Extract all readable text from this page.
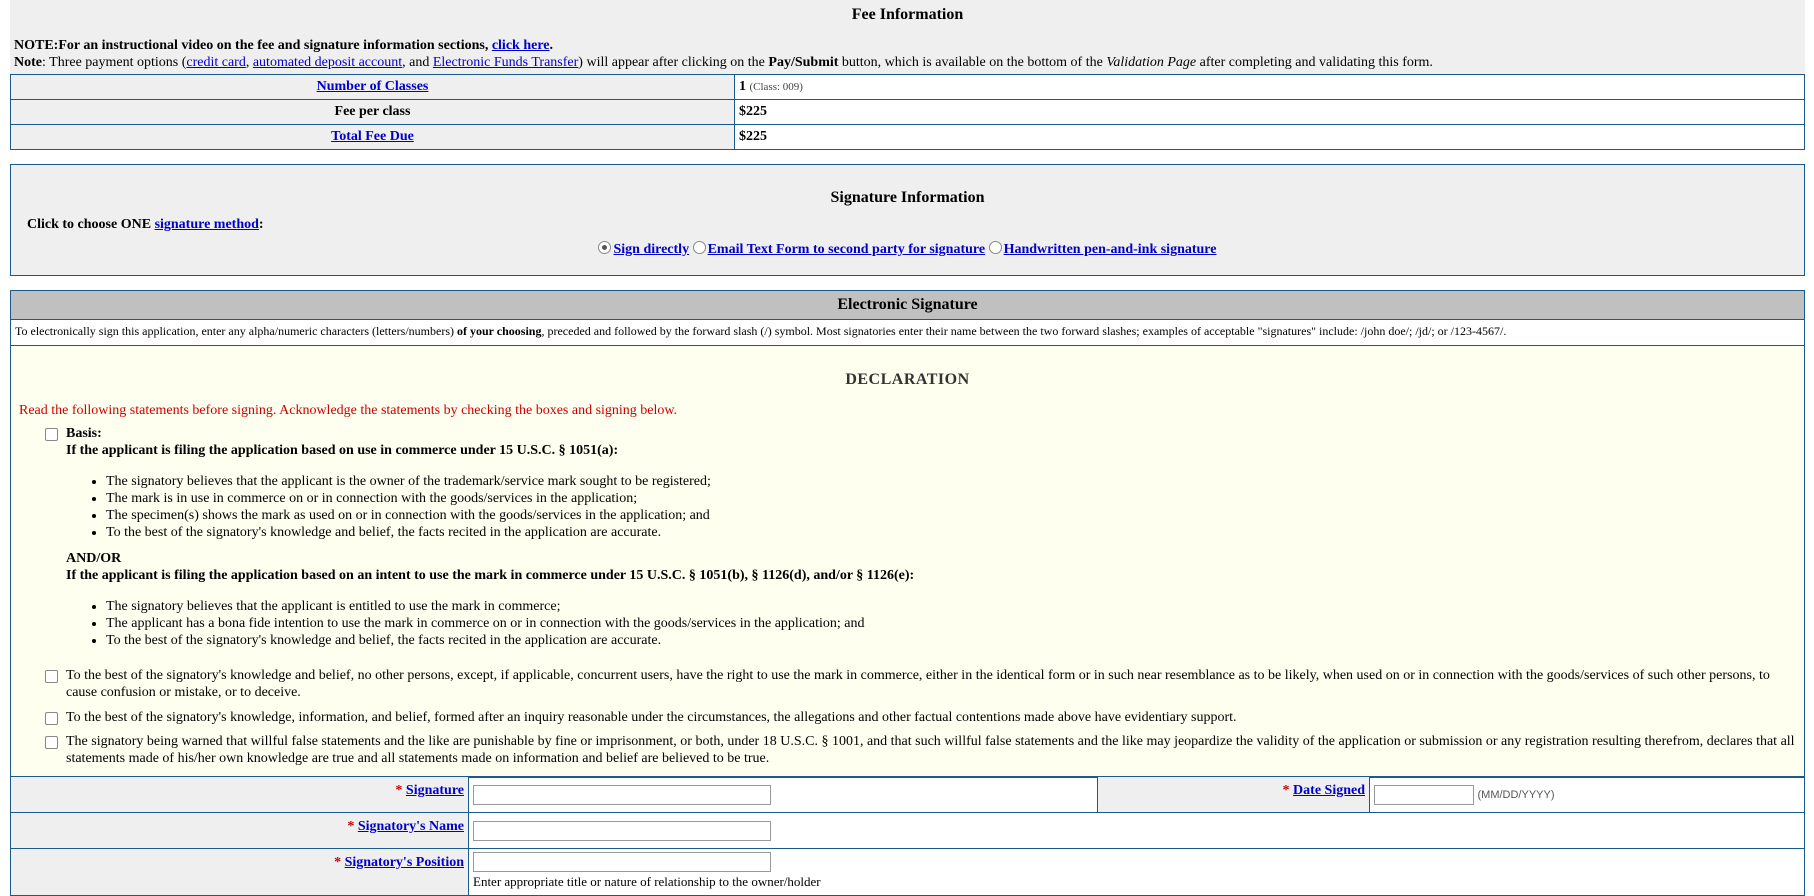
Fee Information
NOTE:For an instructional video on the fee and signature information sections, click here.
Note: Three payment options (credit card, automated deposit account, and Electronic Funds Transfer) will appear after clicking on the Pay/Submit button, which is available on the bottom of the Validation Page after completing and validating this form.
Number of Classes	1 (Class: 009)
Fee per class	$225
Total Fee Due	$225
Signature Information
Click to choose ONE signature method:
Sign directly Email Text Form to second party for signature Handwritten pen-and-ink signature
Electronic Signature
To electronically sign this application, enter any alpha/numeric characters (letters/numbers) of your choosing, preceded and followed by the forward slash (/) symbol. Most signatories enter their name between the two forward slashes; examples of acceptable "signatures" include: /john doe/; /jd/; or /123-4567/.
DECLARATION
Read the following statements before signing. Acknowledge the statements by checking the boxes and signing below.
Basis:
If the applicant is filing the application based on use in commerce under 15 U.S.C. § 1051(a):
• The signatory believes that the applicant is the owner of the trademark/service mark sought to be registered;
• The mark is in use in commerce on or in connection with the goods/services in the application;
• The specimen(s) shows the mark as used on or in connection with the goods/services in the application; and
• To the best of the signatory's knowledge and belief, the facts recited in the application are accurate.
AND/OR
If the applicant is filing the application based on an intent to use the mark in commerce under 15 U.S.C. § 1051(b), § 1126(d), and/or § 1126(e):
• The signatory believes that the applicant is entitled to use the mark in commerce;
• The applicant has a bona fide intention to use the mark in commerce on or in connection with the goods/services in the application; and
• To the best of the signatory's knowledge and belief, the facts recited in the application are accurate.
To the best of the signatory's knowledge and belief, no other persons, except, if applicable, concurrent users, have the right to use the mark in commerce, either in the identical form or in such near resemblance as to be likely, when used on or in connection with the goods/services of such other persons, to cause confusion or mistake, or to deceive.
To the best of the signatory's knowledge, information, and belief, formed after an inquiry reasonable under the circumstances, the allegations and other factual contentions made above have evidentiary support.
The signatory being warned that willful false statements and the like are punishable by fine or imprisonment, or both, under 18 U.S.C. § 1001, and that such willful false statements and the like may jeopardize the validity of the application or submission or any registration resulting therefrom, declares that all statements made of his/her own knowledge are true and all statements made on information and belief are believed to be true.
* Signature		* Date Signed	(MM/DD/YYYY)
* Signatory's Name	
* Signatory's Position	Enter appropriate title or nature of relationship to the owner/holder		
